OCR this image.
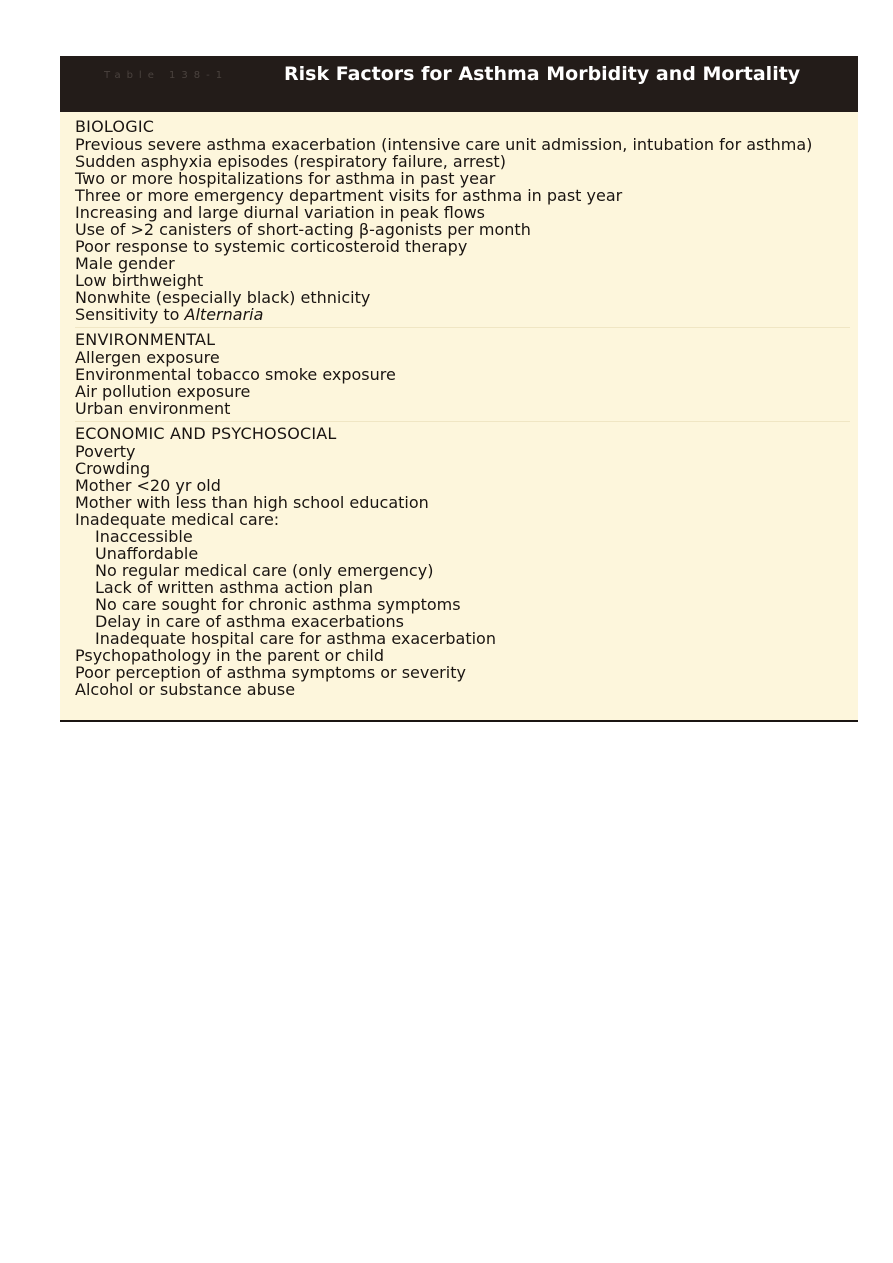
Table 138-1	Risk Factors for Asthma Morbidity and Mortality
BIOLOGIC
Previous severe asthma exacerbation (intensive care unit admission, intubation for asthma)
Sudden asphyxia episodes (respiratory failure, arrest)
Two or more hospitalizations for asthma in past year
Three or more emergency department visits for asthma in past year
Increasing and large diurnal variation in peak flows
Use of >2 canisters of short-acting β-agonists per month
Poor response to systemic corticosteroid therapy
Male gender
Low birthweight
Nonwhite (especially black) ethnicity
Sensitivity to Alternaria
ENVIRONMENTAL
Allergen exposure
Environmental tobacco smoke exposure
Air pollution exposure
Urban environment
ECONOMIC AND PSYCHOSOCIAL
Poverty
Crowding
Mother <20 yr old
Mother with less than high school education
Inadequate medical care:
Inaccessible
Unaffordable
No regular medical care (only emergency)
Lack of written asthma action plan
No care sought for chronic asthma symptoms
Delay in care of asthma exacerbations
Inadequate hospital care for asthma exacerbation
Psychopathology in the parent or child
Poor perception of asthma symptoms or severity
Alcohol or substance abuse
